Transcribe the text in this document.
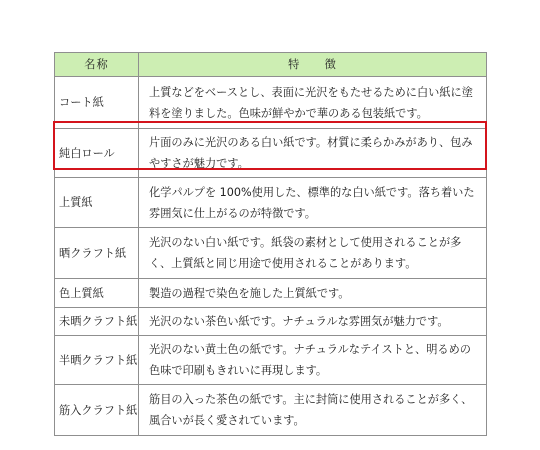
名称	特　　徴
コート紙	上質などをベースとし、表面に光沢をもたせるために白い紙に塗料を塗りました。色味が鮮やかで華のある包装紙です。
純白ロール	片面のみに光沢のある白い紙です。材質に柔らかみがあり、包みやすさが魅力です。
上質紙	化学パルプを 100%使用した、標準的な白い紙です。落ち着いた雰囲気に仕上がるのが特徴です。
晒クラフト紙	光沢のない白い紙です。紙袋の素材として使用されることが多く、上質紙と同じ用途で使用されることがあります。
色上質紙	製造の過程で染色を施した上質紙です。
未晒クラフト紙	光沢のない茶色い紙です。ナチュラルな雰囲気が魅力です。
半晒クラフト紙	光沢のない黄土色の紙です。ナチュラルなテイストと、明るめの色味で印刷もきれいに再現します。
筋入クラフト紙	筋目の入った茶色の紙です。主に封筒に使用されることが多く、風合いが長く愛されています。
